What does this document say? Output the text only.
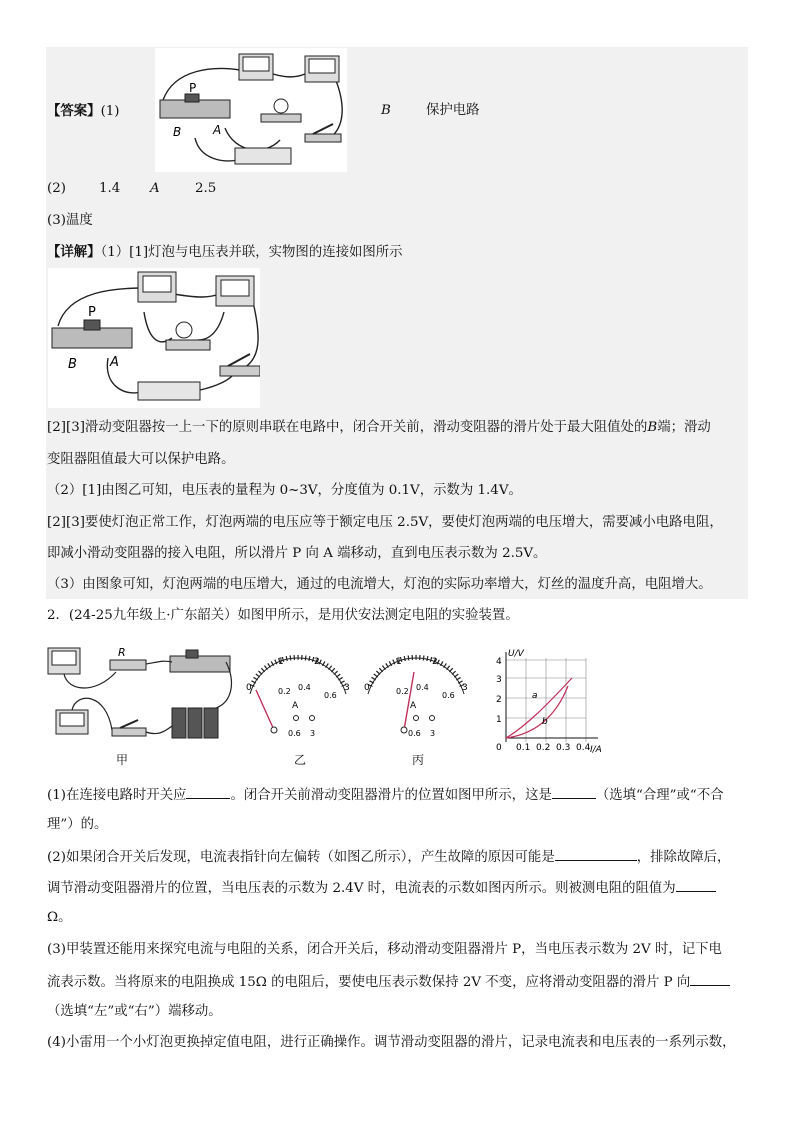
【答案】(1)
P
B	A
B	保护电路
(2) 1.4 A	2.5
(3)温度
【详解】（1）[1]灯泡与电压表并联，实物图的连接如图所示
P
B	A
[2][3]滑动变阻器按一上一下的原则串联在电路中，闭合开关前，滑动变阻器的滑片处于最大阻值处的B端；滑动
变阻器阻值最大可以保护电路。
（2）[1]由图乙可知，电压表的量程为 0~3V，分度值为 0.1V，示数为 1.4V。
[2][3]要使灯泡正常工作，灯泡两端的电压应等于额定电压 2.5V，要使灯泡两端的电压增大，需要减小电路电阻，
即减小滑动变阻器的接入电阻，所以滑片 P 向 A 端移动，直到电压表示数为 2.5V。
（3）由图象可知，灯泡两端的电压增大，通过的电流增大，灯泡的实际功率增大，灯丝的温度升高，电阻增大。
2．(24-25九年级上·广东韶关）如图甲所示，是用伏安法测定电阻的实验装置。
R
甲
0
1	2
3
0.2 0.4
0.6
A
0.6 3
乙
0
1	2
3
0.2 0.4
0.6
A
0.6 3
丙
U/V
I/A
0
1
2
3
4
0.1 0.2 0.3 0.4
a
b
(1)在连接电路时开关应	。闭合开关前滑动变阻器滑片的位置如图甲所示，这是	（选填“合理”或“不合
理”）的。
(2)如果闭合开关后发现，电流表指针向左偏转（如图乙所示），产生故障的原因可能是	，排除故障后，
调节滑动变阻器滑片的位置，当电压表的示数为 2.4V 时，电流表的示数如图丙所示。则被测电阻的阻值为
Ω。
(3)甲装置还能用来探究电流与电阻的关系，闭合开关后，移动滑动变阻器滑片 P，当电压表示数为 2V 时，记下电
流表示数。当将原来的电阻换成 15Ω 的电阻后，要使电压表示数保持 2V 不变，应将滑动变阻器的滑片 P 向
（选填“左”或“右”）端移动。
(4)小雷用一个小灯泡更换掉定值电阻，进行正确操作。调节滑动变阻器的滑片，记录电流表和电压表的一系列示数，
